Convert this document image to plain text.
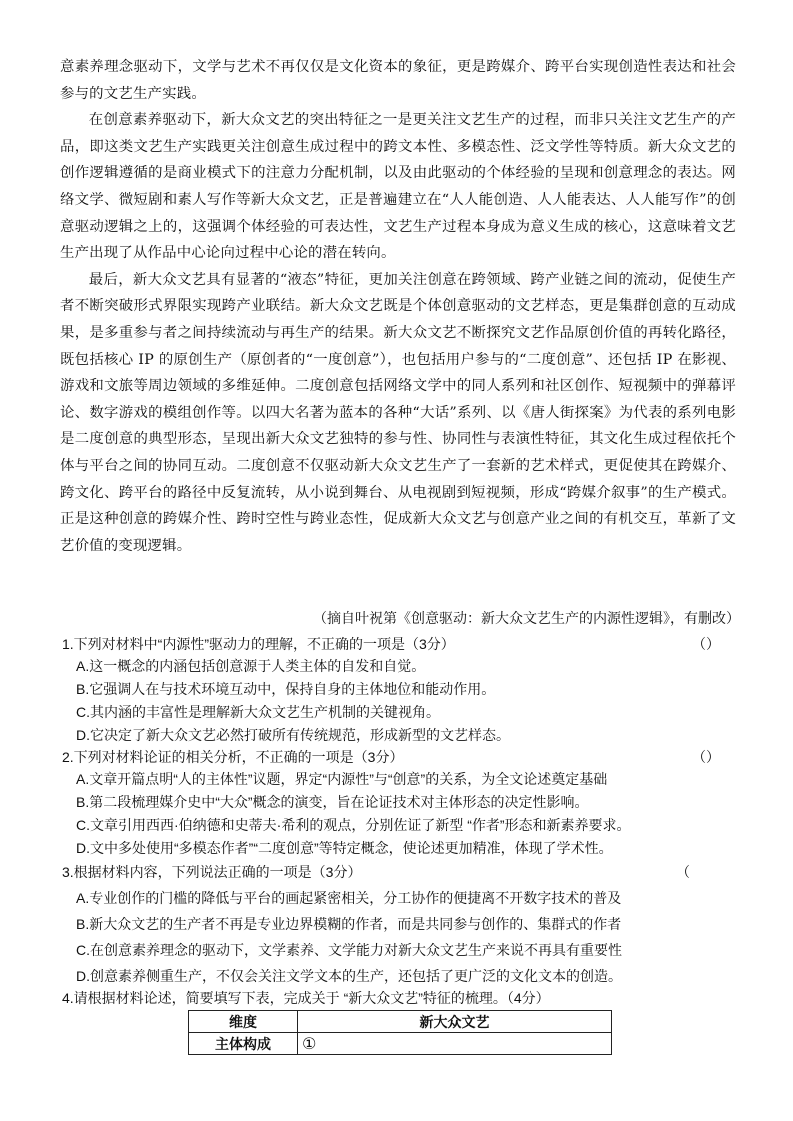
意素养理念驱动下，文学与艺术不再仅仅是文化资本的象征，更是跨媒介、跨平台实现创造性表达和社会参与的文艺生产实践。

在创意素养驱动下，新大众文艺的突出特征之一是更关注文艺生产的过程，而非只关注文艺生产的产品，即这类文艺生产实践更关注创意生成过程中的跨文本性、多模态性、泛文学性等特质。新大众文艺的创作逻辑遵循的是商业模式下的注意力分配机制，以及由此驱动的个体经验的呈现和创意理念的表达。网络文学、微短剧和素人写作等新大众文艺，正是普遍建立在“人人能创造、人人能表达、人人能写作”的创意驱动逻辑之上的，这强调个体经验的可表达性，文艺生产过程本身成为意义生成的核心，这意味着文艺生产出现了从作品中心论向过程中心论的潜在转向。

最后，新大众文艺具有显著的“液态”特征，更加关注创意在跨领域、跨产业链之间的流动，促使生产者不断突破形式界限实现跨产业联结。新大众文艺既是个体创意驱动的文艺样态，更是集群创意的互动成果，是多重参与者之间持续流动与再生产的结果。新大众文艺不断探究文艺作品原创价值的再转化路径，既包括核心 IP 的原创生产（原创者的“一度创意”），也包括用户参与的“二度创意”、还包括 IP 在影视、游戏和文旅等周边领域的多维延伸。二度创意包括网络文学中的同人系列和社区创作、短视频中的弹幕评论、数字游戏的模组创作等。以四大名著为蓝本的各种“大话”系列、以《唐人街探案》为代表的系列电影是二度创意的典型形态，呈现出新大众文艺独特的参与性、协同性与表演性特征，其文化生成过程依托个体与平台之间的协同互动。二度创意不仅驱动新大众文艺生产了一套新的艺术样式，更促使其在跨媒介、跨文化、跨平台的路径中反复流转，从小说到舞台、从电视剧到短视频，形成“跨媒介叙事”的生产模式。正是这种创意的跨媒介性、跨时空性与跨业态性，促成新大众文艺与创意产业之间的有机交互，革新了文艺价值的变现逻辑。

（摘自叶祝第《创意驱动：新大众文艺生产的内源性逻辑》，有删改）
1.下列对材料中“内源性”驱动力的理解，不正确的一项是（3分）	（）
A.这一概念的内涵包括创意源于人类主体的自发和自觉。
B.它强调人在与技术环境互动中，保持自身的主体地位和能动作用。
C.其内涵的丰富性是理解新大众文艺生产机制的关键视角。
D.它决定了新大众文艺必然打破所有传统规范，形成新型的文艺样态。
2.下列对材料论证的相关分析，不正确的一项是（3分）	（）
A.文章开篇点明“人的主体性”议题，界定“内源性”与“创意”的关系，为全文论述奠定基础
B.第二段梳理媒介史中“大众”概念的演变，旨在论证技术对主体形态的决定性影响。
C.文章引用西西·伯纳德和史蒂夫·希利的观点，分别佐证了新型 “作者”形态和新素养要求。
D.文中多处使用“多模态作者”“二度创意”等特定概念，使论述更加精准，体现了学术性。
3.根据材料内容，下列说法正确的一项是（3分）	（
A.专业创作的门槛的降低与平台的画起紧密相关，分工协作的便捷离不开数字技术的普及
B.新大众文艺的生产者不再是专业边界模糊的作者，而是共同参与创作的、集群式的作者
C.在创意素养理念的驱动下，文学素养、文学能力对新大众文艺生产来说不再具有重要性
D.创意素养侧重生产，不仅会关注文学文本的生产，还包括了更广泛的文化文本的创造。
4.请根据材料论述，简要填写下表，完成关于 “新大众文艺”特征的梳理。（4分）
维度	新大众文艺
主体构成	①
